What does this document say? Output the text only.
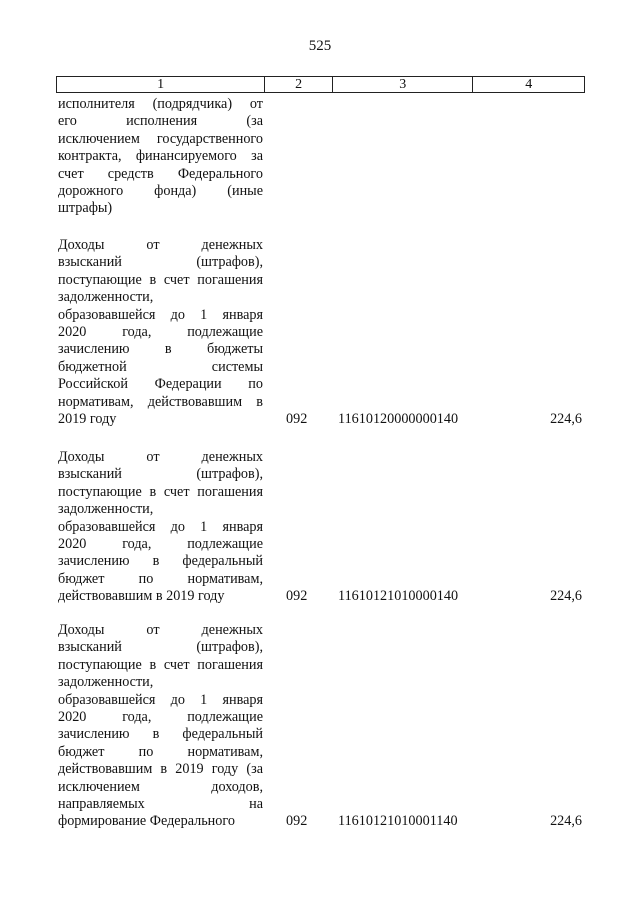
525
1	2	3	4
исполнителя (подрядчика) от
его исполнения (за
исключением государственного
контракта, финансируемого за
счет средств Федерального
дорожного фонда) (иные
штрафы)
Доходы от денежных
взысканий (штрафов),
поступающие в счет погашения
задолженности,
образовавшейся до 1 января
2020 года, подлежащие
зачислению в бюджеты
бюджетной системы
Российской Федерации по
нормативам, действовавшим в
2019 году	092	11610120000000140	224,6
Доходы от денежных
взысканий (штрафов),
поступающие в счет погашения
задолженности,
образовавшейся до 1 января
2020 года, подлежащие
зачислению в федеральный
бюджет по нормативам,
действовавшим в 2019 году	092	11610121010000140	224,6
Доходы от денежных
взысканий (штрафов),
поступающие в счет погашения
задолженности,
образовавшейся до 1 января
2020 года, подлежащие
зачислению в федеральный
бюджет по нормативам,
действовавшим в 2019 году (за
исключением доходов,
направляемых на
формирование Федерального	092	11610121010001140	224,6
